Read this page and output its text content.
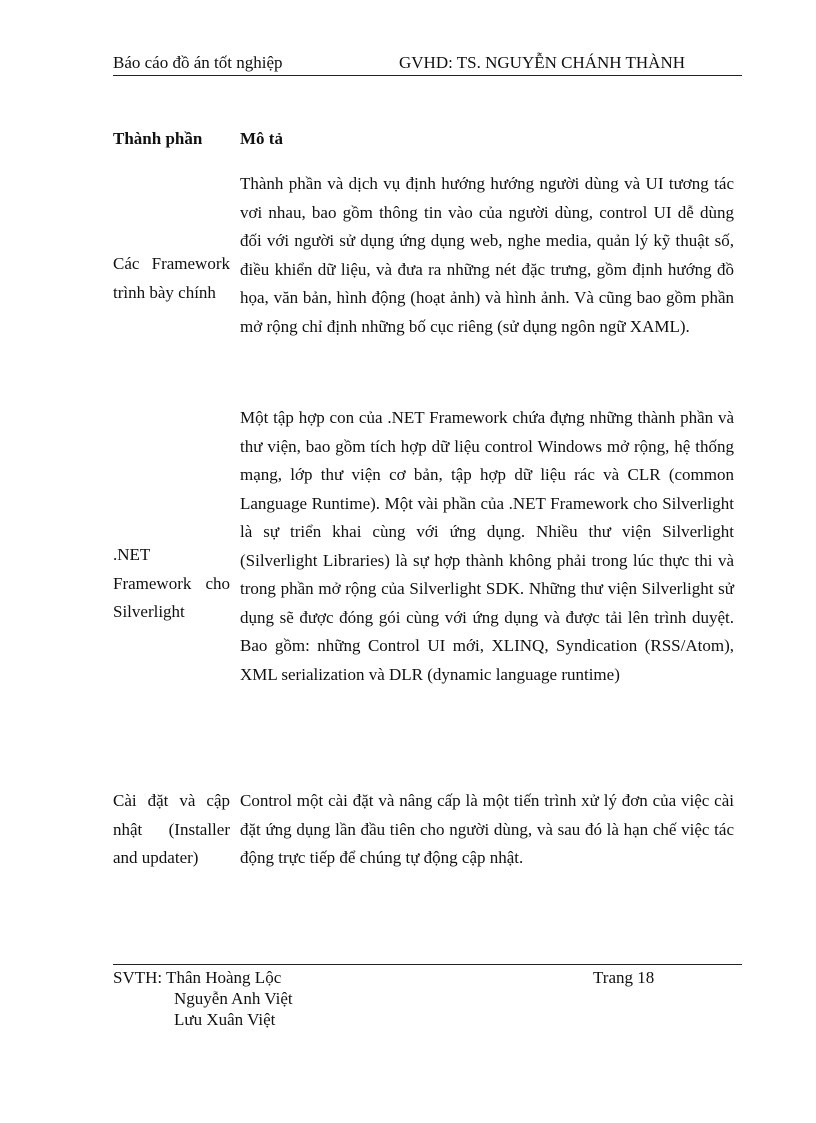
Báo cáo đồ án tốt nghiệp	GVHD: TS. NGUYỄN CHÁNH THÀNH
Thành phần Mô tả
Thành phần và dịch vụ định hướng hướng người dùng và UI tương tác vơi nhau, bao gồm thông tin vào của người dùng, control UI dễ dùng đối với người sử dụng ứng dụng web, nghe media, quản lý kỹ thuật số, điều khiển dữ liệu, và đưa ra những nét đặc trưng, gồm định hướng đồ họa, văn bản, hình động (hoạt ảnh) và hình ảnh. Và cũng bao gồm phần mở rộng chỉ định những bố cục riêng (sử dụng ngôn ngữ XAML).
Các Framework trình bày chính
Một tập hợp con của .NET Framework chứa đựng những thành phần và thư viện, bao gồm tích hợp dữ liệu control Windows mở rộng, hệ thống mạng, lớp thư viện cơ bản, tập hợp dữ liệu rác và CLR (common Language Runtime). Một vài phần của .NET Framework cho Silverlight là sự triển khai cùng với ứng dụng. Nhiều thư viện Silverlight (Silverlight Libraries) là sự hợp thành không phải trong lúc thực thi và trong phần mở rộng của Silverlight SDK. Những thư viện Silverlight sử dụng sẽ được đóng gói cùng với ứng dụng và được tải lên trình duyệt. Bao gồm: những Control UI mới, XLINQ, Syndication (RSS/Atom), XML serialization và DLR (dynamic language runtime)
.NET Framework cho Silverlight
Control một cài đặt và nâng cấp là một tiến trình xử lý đơn của việc cài đặt ứng dụng lần đầu tiên cho người dùng, và sau đó là hạn chế việc tác động trực tiếp để chúng tự động cập nhật.
Cài đặt và cập nhật (Installer and updater)
SVTH: Thân Hoàng Lộc
Nguyễn Anh Việt
Lưu Xuân Việt
Trang 18
